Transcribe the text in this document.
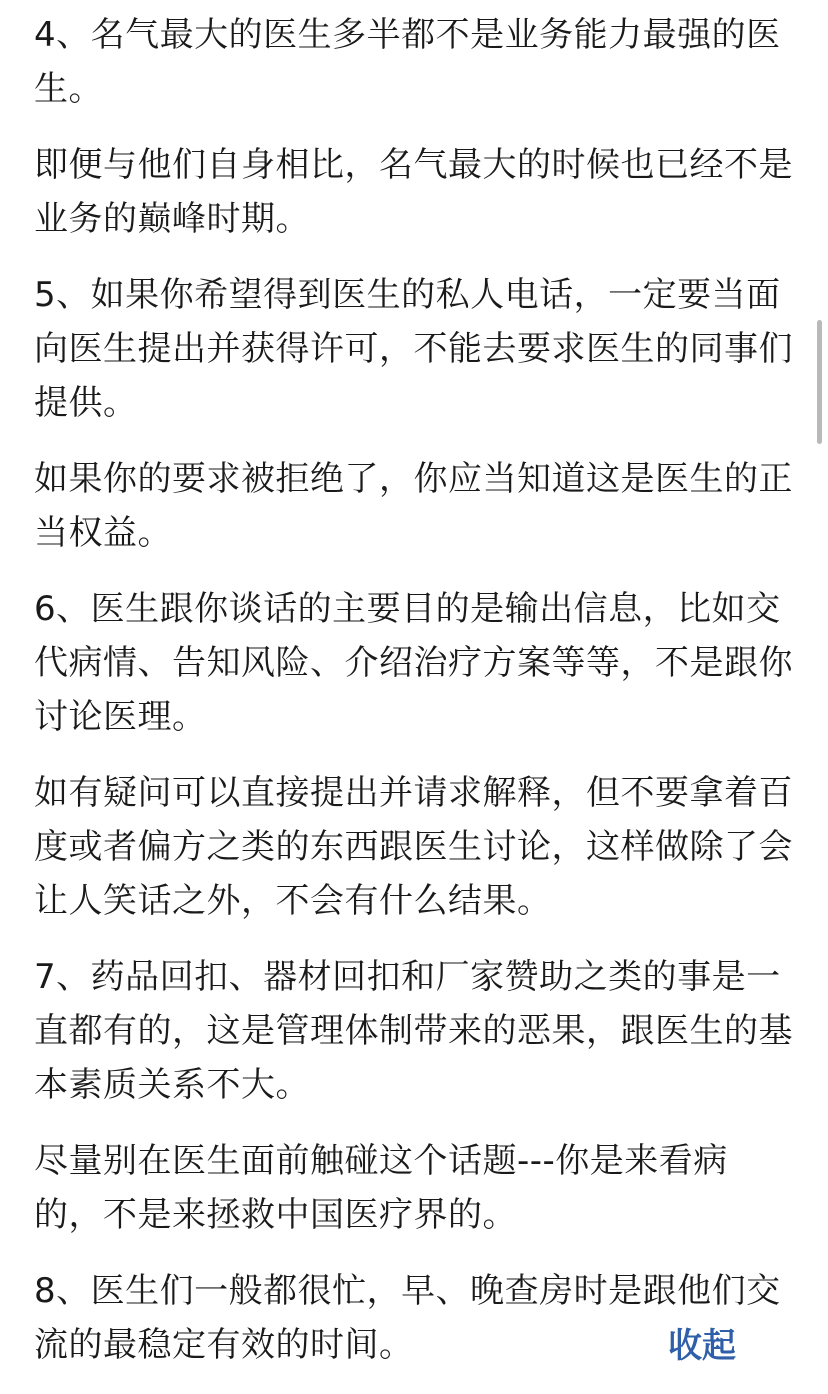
4、名气最大的医生多半都不是业务能力最强的医生。

即便与他们自身相比，名气最大的时候也已经不是业务的巅峰时期。

5、如果你希望得到医生的私人电话，一定要当面向医生提出并获得许可，不能去要求医生的同事们提供。

如果你的要求被拒绝了，你应当知道这是医生的正当权益。

6、医生跟你谈话的主要目的是输出信息，比如交代病情、告知风险、介绍治疗方案等等，不是跟你讨论医理。

如有疑问可以直接提出并请求解释，但不要拿着百度或者偏方之类的东西跟医生讨论，这样做除了会让人笑话之外，不会有什么结果。

7、药品回扣、器材回扣和厂家赞助之类的事是一直都有的，这是管理体制带来的恶果，跟医生的基本素质关系不大。

尽量别在医生面前触碰这个话题---你是来看病的，不是来拯救中国医疗界的。

8、医生们一般都很忙，早、晚查房时是跟他们交流的最稳定有效的时间。	收起
